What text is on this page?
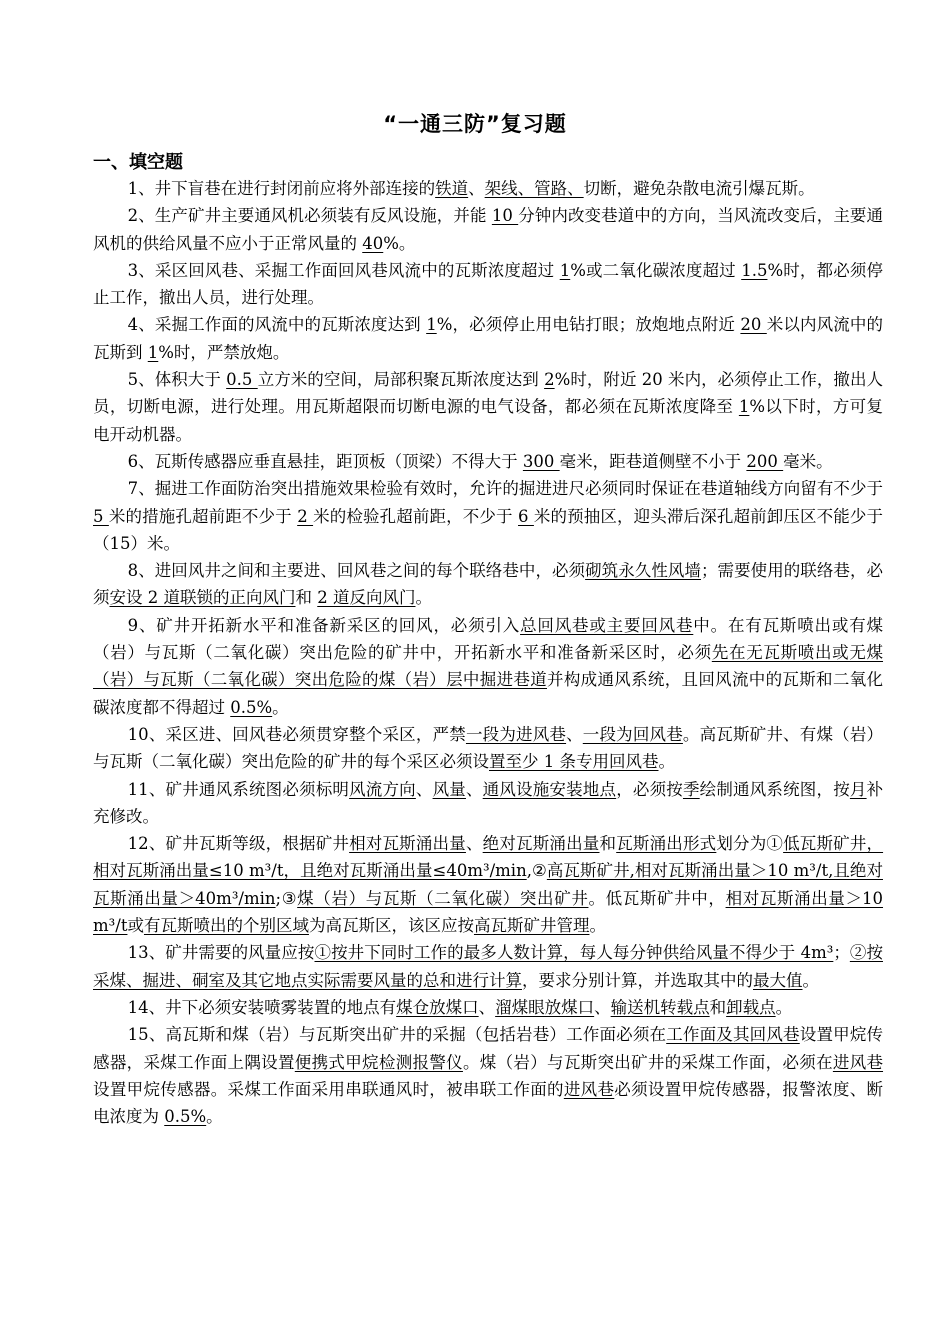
“一通三防”复习题
一、填空题

1、井下盲巷在进行封闭前应将外部连接的铁道、架线、管路、切断，避免杂散电流引爆瓦斯。

2、生产矿井主要通风机必须装有反风设施，并能 10 分钟内改变巷道中的方向，当风流改变后，主要通风机的供给风量不应小于正常风量的 40%。

3、采区回风巷、采掘工作面回风巷风流中的瓦斯浓度超过 1%或二氧化碳浓度超过 1.5%时，都必须停止工作，撤出人员，进行处理。

4、采掘工作面的风流中的瓦斯浓度达到 1%，必须停止用电钻打眼；放炮地点附近 20 米以内风流中的瓦斯到 1%时，严禁放炮。

5、体积大于 0.5 立方米的空间，局部积聚瓦斯浓度达到 2%时，附近 20 米内，必须停止工作，撤出人员，切断电源，进行处理。用瓦斯超限而切断电源的电气设备，都必须在瓦斯浓度降至 1%以下时，方可复电开动机器。

6、瓦斯传感器应垂直悬挂，距顶板（顶梁）不得大于 300 毫米，距巷道侧壁不小于 200 毫米。

7、掘进工作面防治突出措施效果检验有效时，允许的掘进进尺必须同时保证在巷道轴线方向留有不少于 5 米的措施孔超前距不少于 2 米的检验孔超前距，不少于 6 米的预抽区，迎头滞后深孔超前卸压区不能少于（15）米。

8、进回风井之间和主要进、回风巷之间的每个联络巷中，必须砌筑永久性风墙；需要使用的联络巷，必须安设 2 道联锁的正向风门和 2 道反向风门。

9、矿井开拓新水平和准备新采区的回风，必须引入总回风巷或主要回风巷中。在有瓦斯喷出或有煤（岩）与瓦斯（二氧化碳）突出危险的矿井中，开拓新水平和准备新采区时，必须先在无瓦斯喷出或无煤（岩）与瓦斯（二氧化碳）突出危险的煤（岩）层中掘进巷道并构成通风系统，且回风流中的瓦斯和二氧化碳浓度都不得超过 0.5%。

10、采区进、回风巷必须贯穿整个采区，严禁一段为进风巷、一段为回风巷。高瓦斯矿井、有煤（岩）与瓦斯（二氧化碳）突出危险的矿井的每个采区必须设置至少 1 条专用回风巷。

11、矿井通风系统图必须标明风流方向、风量、通风设施安装地点，必须按季绘制通风系统图，按月补充修改。

12、矿井瓦斯等级，根据矿井相对瓦斯涌出量、绝对瓦斯涌出量和瓦斯涌出形式划分为①低瓦斯矿井，相对瓦斯涌出量≤10 m³/t，且绝对瓦斯涌出量≤40m³/min,②高瓦斯矿井,相对瓦斯涌出量＞10 m³/t,且绝对瓦斯涌出量＞40m³/min;③煤（岩）与瓦斯（二氧化碳）突出矿井。低瓦斯矿井中，相对瓦斯涌出量＞10 m³/t或有瓦斯喷出的个别区域为高瓦斯区，该区应按高瓦斯矿井管理。

13、矿井需要的风量应按①按井下同时工作的最多人数计算，每人每分钟供给风量不得少于 4m³；②按采煤、掘进、硐室及其它地点实际需要风量的总和进行计算，要求分别计算，并选取其中的最大值。

14、井下必须安装喷雾装置的地点有煤仓放煤口、溜煤眼放煤口、输送机转载点和卸载点。

15、高瓦斯和煤（岩）与瓦斯突出矿井的采掘（包括岩巷）工作面必须在工作面及其回风巷设置甲烷传感器，采煤工作面上隅设置便携式甲烷检测报警仪。煤（岩）与瓦斯突出矿井的采煤工作面，必须在进风巷设置甲烷传感器。采煤工作面采用串联通风时，被串联工作面的进风巷必须设置甲烷传感器，报警浓度、断电浓度为 0.5%。
